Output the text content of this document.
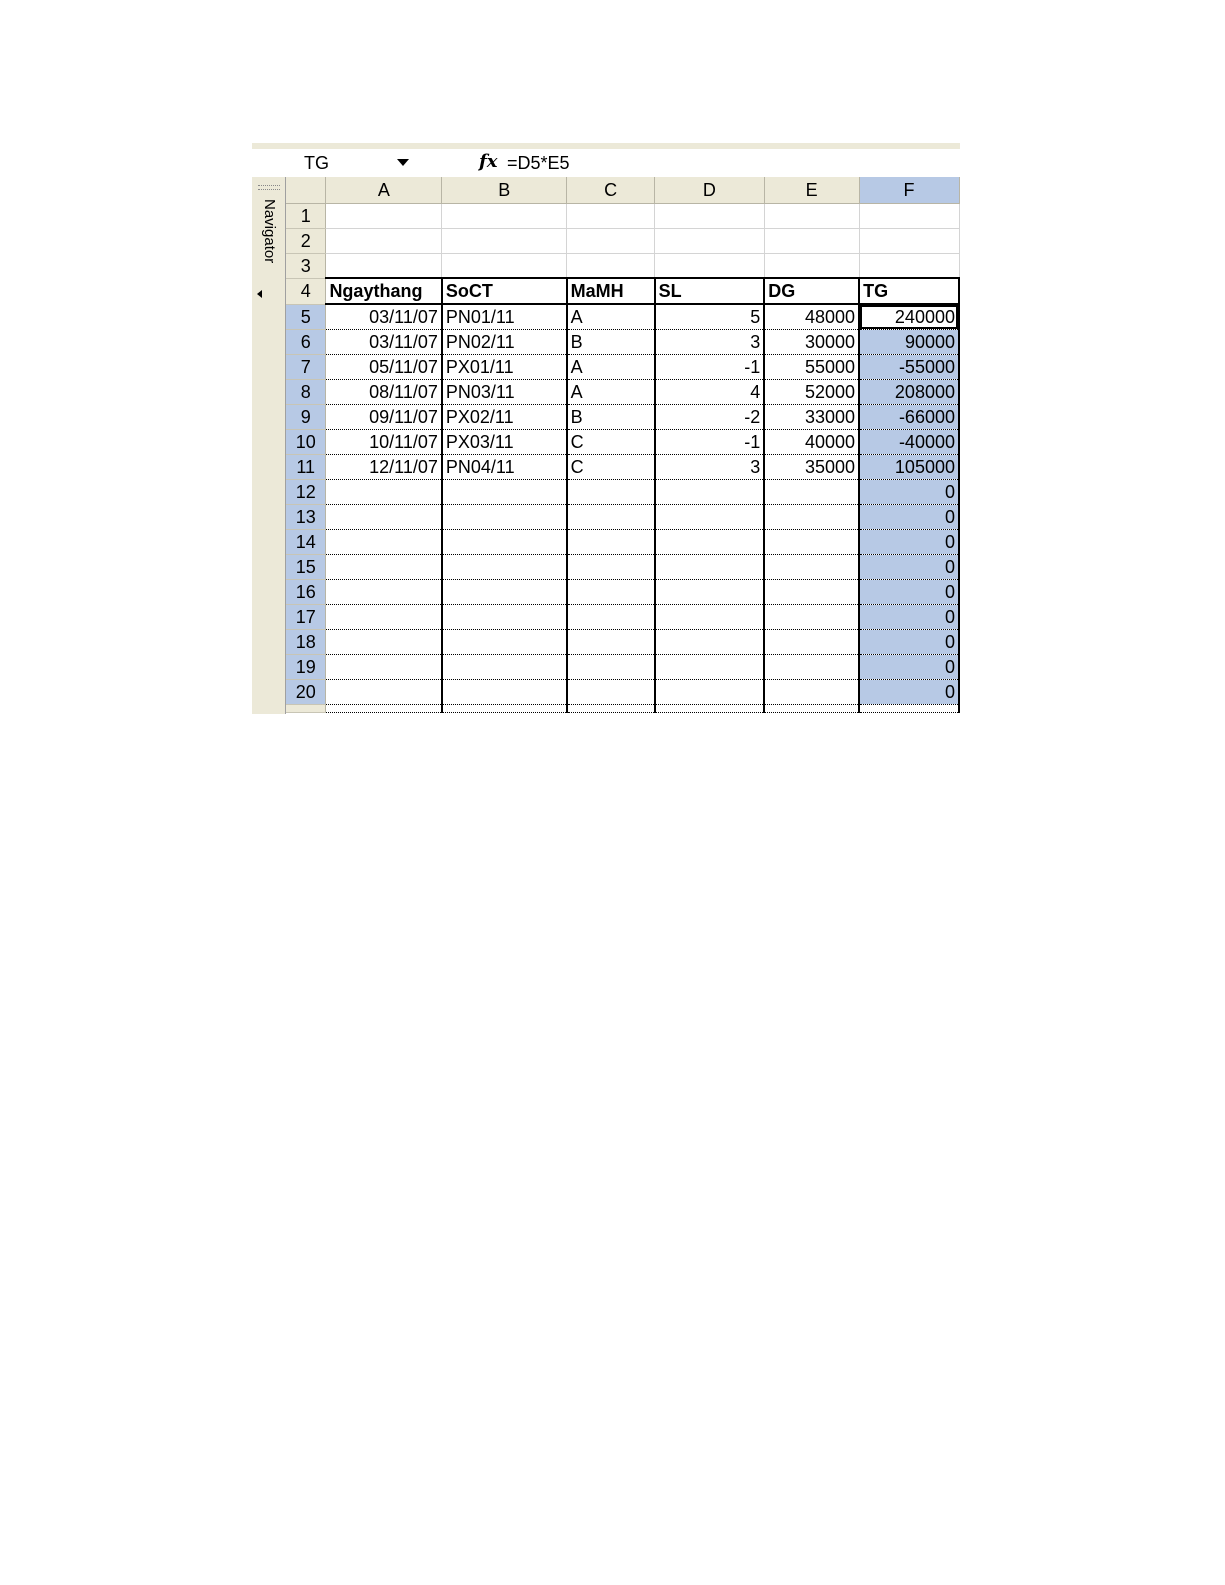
TG	fx =D5*E5
Navigator
	A	B	C	D	E	F
1						
2						
3						
4	Ngaythang	SoCT	MaMH	SL	DG	TG
5	03/11/07	PN01/11	A	5	48000	240000
6	03/11/07	PN02/11	B	3	30000	90000
7	05/11/07	PX01/11	A	-1	55000	-55000
8	08/11/07	PN03/11	A	4	52000	208000
9	09/11/07	PX02/11	B	-2	33000	-66000
10	10/11/07	PX03/11	C	-1	40000	-40000
11	12/11/07	PN04/11	C	3	35000	105000
12						0
13						0
14						0
15						0
16						0
17						0
18						0
19						0
20						0
